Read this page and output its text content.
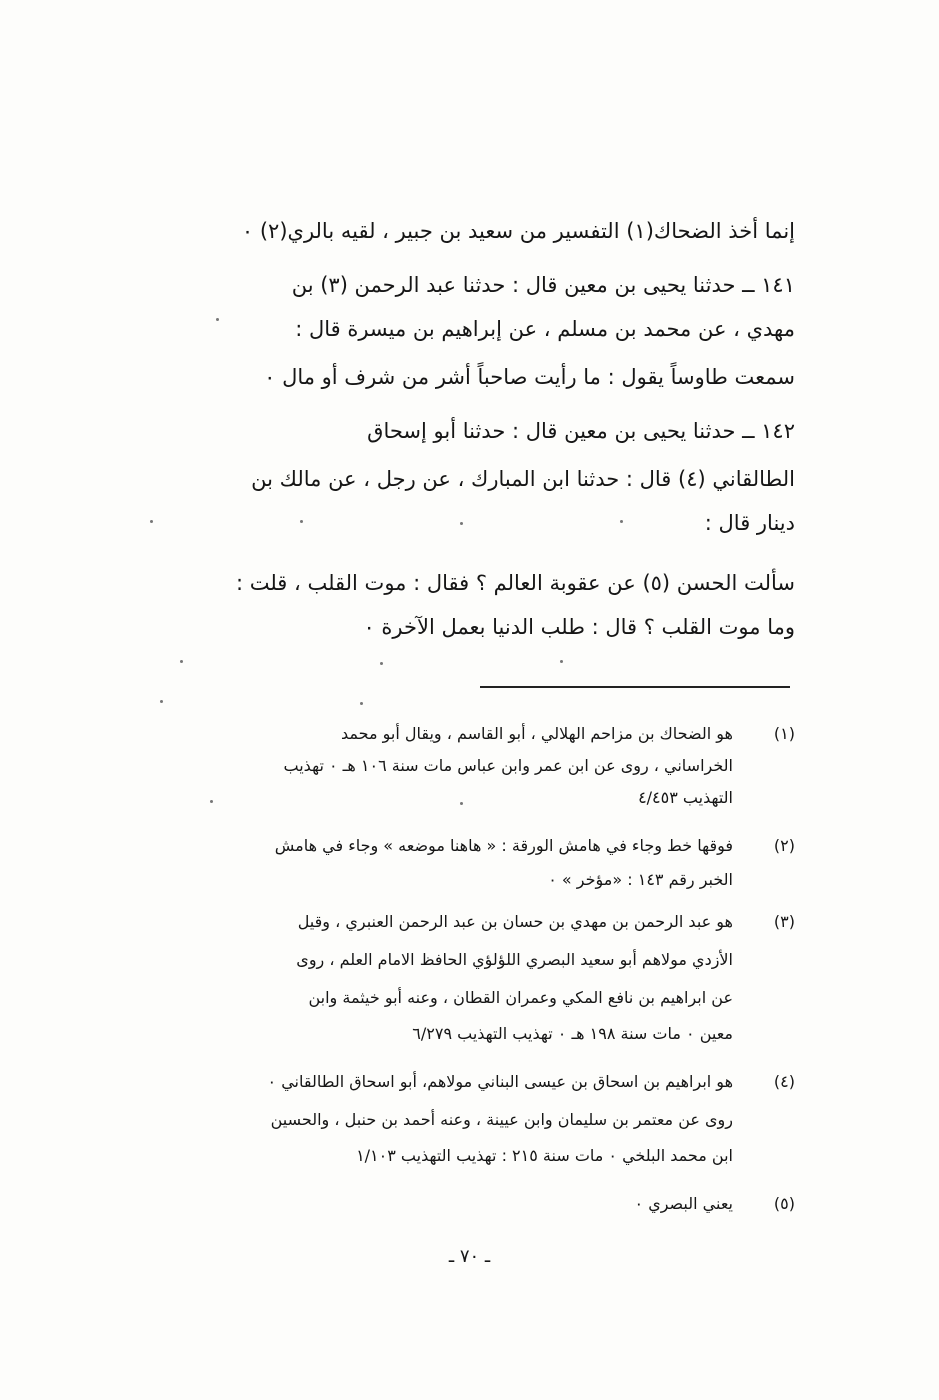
إنما أخذ الضحاك(١) التفسير من سعيد بن جبير ، لقيه بالري(٢) ٠
١٤١ ــ حدثنا يحيى بن معين قال : حدثنا عبد الرحمن (٣) بن
مهدي ، عن محمد بن مسلم ، عن إبراهيم بن ميسرة قال :
سمعت طاوساً يقول : ما رأيت صاحباً أشر من شرف أو مال ٠
١٤٢ ــ حدثنا يحيى بن معين قال : حدثنا أبو إسحاق
الطالقاني (٤) قال : حدثنا ابن المبارك ، عن رجل ، عن مالك بن
دينار قال :
سألت الحسن (٥) عن عقوبة العالم ؟ فقال : موت القلب ، قلت :
وما موت القلب ؟ قال : طلب الدنيا بعمل الآخرة ٠
(١)
هو الضحاك بن مزاحم الهلالي ، أبو القاسم ، ويقال أبو محمد
الخراساني ، روى عن ابن عمر وابن عباس مات سنة ١٠٦ هـ ٠ تهذيب
التهذيب ٤/٤٥٣
(٢)
فوقها خط وجاء في هامش الورقة : « هاهنا موضعه » وجاء في هامش
الخبر رقم ١٤٣ : «مؤخر » ٠
(٣)
هو عبد الرحمن بن مهدي بن حسان بن عبد الرحمن العنبري ، وقيل
الأزدي مولاهم أبو سعيد البصري اللؤلؤي الحافظ الامام العلم ، روى
عن ابراهيم بن نافع المكي وعمران القطان ، وعنه أبو خيثمة وابن
معين ٠ مات سنة ١٩٨ هـ ٠ تهذيب التهذيب ٦/٢٧٩
(٤)
هو ابراهيم بن اسحاق بن عيسى البناني مولاهم، أبو اسحاق الطالقاني ٠
روى عن معتمر بن سليمان وابن عيينة ، وعنه أحمد بن حنبل ، والحسين
ابن محمد البلخي ٠ مات سنة ٢١٥ : تهذيب التهذيب ١/١٠٣
(٥)
يعني البصري ٠
ـ ٧٠ ـ
